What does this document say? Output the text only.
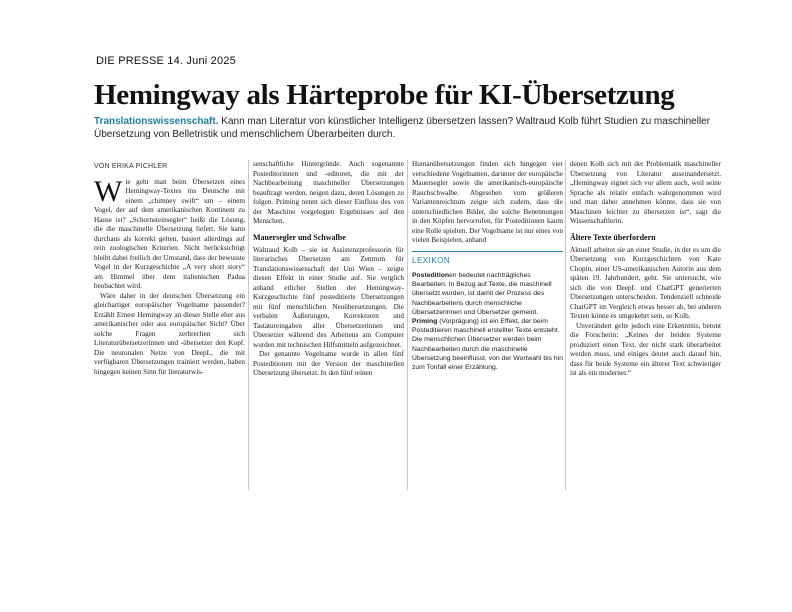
DIE PRESSE 14. Juni 2025
Hemingway als Härteprobe für KI-Übersetzung
Translationswissenschaft. Kann man Literatur von künstlicher Intelligenz übersetzen lassen? Waltraud Kolb führt Studien zu maschineller Übersetzung von Belletristik und menschlichem Überarbeiten durch.
VON ERIKA PICHLER

Wie geht man beim Übersetzen eines Hemingway-Textes ins Deutsche mit einem „chimney swift“ um – einem Vogel, der auf dem amerikanischen Kontinent zu Hause ist? „Schornsteinsegler“ heißt die Lösung, die die maschinelle Übersetzung liefert. Sie kann durchaus als korrekt gelten, basiert allerdings auf rein zoologischen Kriterien. Nicht berücksichtigt bleibt dabei freilich der Umstand, dass der bewusste Vogel in der Kurzgeschichte „A very short story“ am Himmel über dem italienischen Padua beobachtet wird.

Wäre daher in der deutschen Übersetzung ein gleichartiger europäischer Vogelname passender? Erzählt Ernest Hemingway an dieser Stelle eher aus amerikanischer oder aus europäischer Sicht? Über solche Fragen zerbrechen sich Literaturübersetzerinnen und -übersetzer den Kopf. Die neuronalen Netze von DeepL, die mit verfügbaren Übersetzungen trainiert werden, haben hingegen keinen Sinn für literaturwis-

senschaftliche Hintergründe. Auch sogenannte Posteditorinnen und -editoren, die mit der Nachbearbeitung maschineller Übersetzungen beauftragt werden, neigen dazu, deren Lösungen zu folgen. Priming nennt sich dieser Einfluss des von der Maschine vorgelegten Ergebnisses auf den Menschen.

Mauersegler und Schwalbe

Waltraud Kolb – sie ist Assistenzprofessorin für literarisches Übersetzen am Zentrum für Translationswissenschaft der Uni Wien – zeigte diesen Effekt in einer Studie auf. Sie verglich anhand etlicher Stellen der Hemingway-Kurzgeschichte fünf posteditierte Übersetzungen mit fünf menschlichen Neuübersetzungen. Die verbalen Äußerungen, Korrekturen und Tastatureingaben aller Übersetzerinnen und Übersetzer während des Arbeitens am Computer wurden mit technischen Hilfsmitteln aufgezeichnet.

Der genannte Vogelname wurde in allen fünf Posteditionen mit der Version der maschinellen Übersetzung übersetzt. In den fünf reinen

Humanübersetzungen finden sich hingegen vier verschiedene Vogelnamen, darunter der europäische Mauersegler sowie die amerikanisch-europäische Rauchschwalbe. Abgesehen vom größeren Variantenreichtum zeigte sich zudem, dass die unterschiedlichen Bilder, die solche Benennungen in den Köpfen hervorrufen, für Posteditionen kaum eine Rolle spielten. Der Vogelname ist nur eines von vielen Beispielen, anhand

LEXIKON

Posteditionen bedeutet nachträgliches Bearbeiten. In Bezug auf Texte, die maschinell übersetzt wurden, ist damit der Prozess des Nachbearbeitens durch menschliche Übersetzerinnen und Übersetzer gemeint.

Priming (Vorprägung) ist ein Effekt, der beim Posteditieren maschinell erstellter Texte entsteht. Die menschlichen Übersetzer werden beim Nachbearbeiten durch die maschinelle Übersetzung beeinflusst, von der Wortwahl bis hin zum Tonfall einer Erzählung.

denen Kolb sich mit der Problematik maschineller Übersetzung von Literatur auseinandersetzt. „Hemingway eignet sich vor allem auch, weil seine Sprache als relativ einfach wahrgenommen wird und man daher annehmen könnte, dass sie von Maschinen leichter zu übersetzen ist“, sagt die Wissenschaftlerin.

Ältere Texte überfordern

Aktuell arbeitet sie an einer Studie, in der es um die Übersetzung von Kurzgeschichten von Kate Chopin, einer US-amerikanischen Autorin aus dem späten 19. Jahrhundert, geht. Sie untersucht, wie sich die von DeepL und ChatGPT generierten Übersetzungen unterscheiden. Tendenziell schneide ChatGPT im Vergleich etwas besser ab, bei anderen Texten könne es umgekehrt sein, so Kolb.

Unverändert gelte jedoch eine Erkenntnis, betont die Forscherin: „Keines der beiden Systeme produziert einen Text, der nicht stark überarbeitet werden muss, und einiges deutet auch darauf hin, dass für beide Systeme ein älterer Text schwieriger ist als ein moderner.“
